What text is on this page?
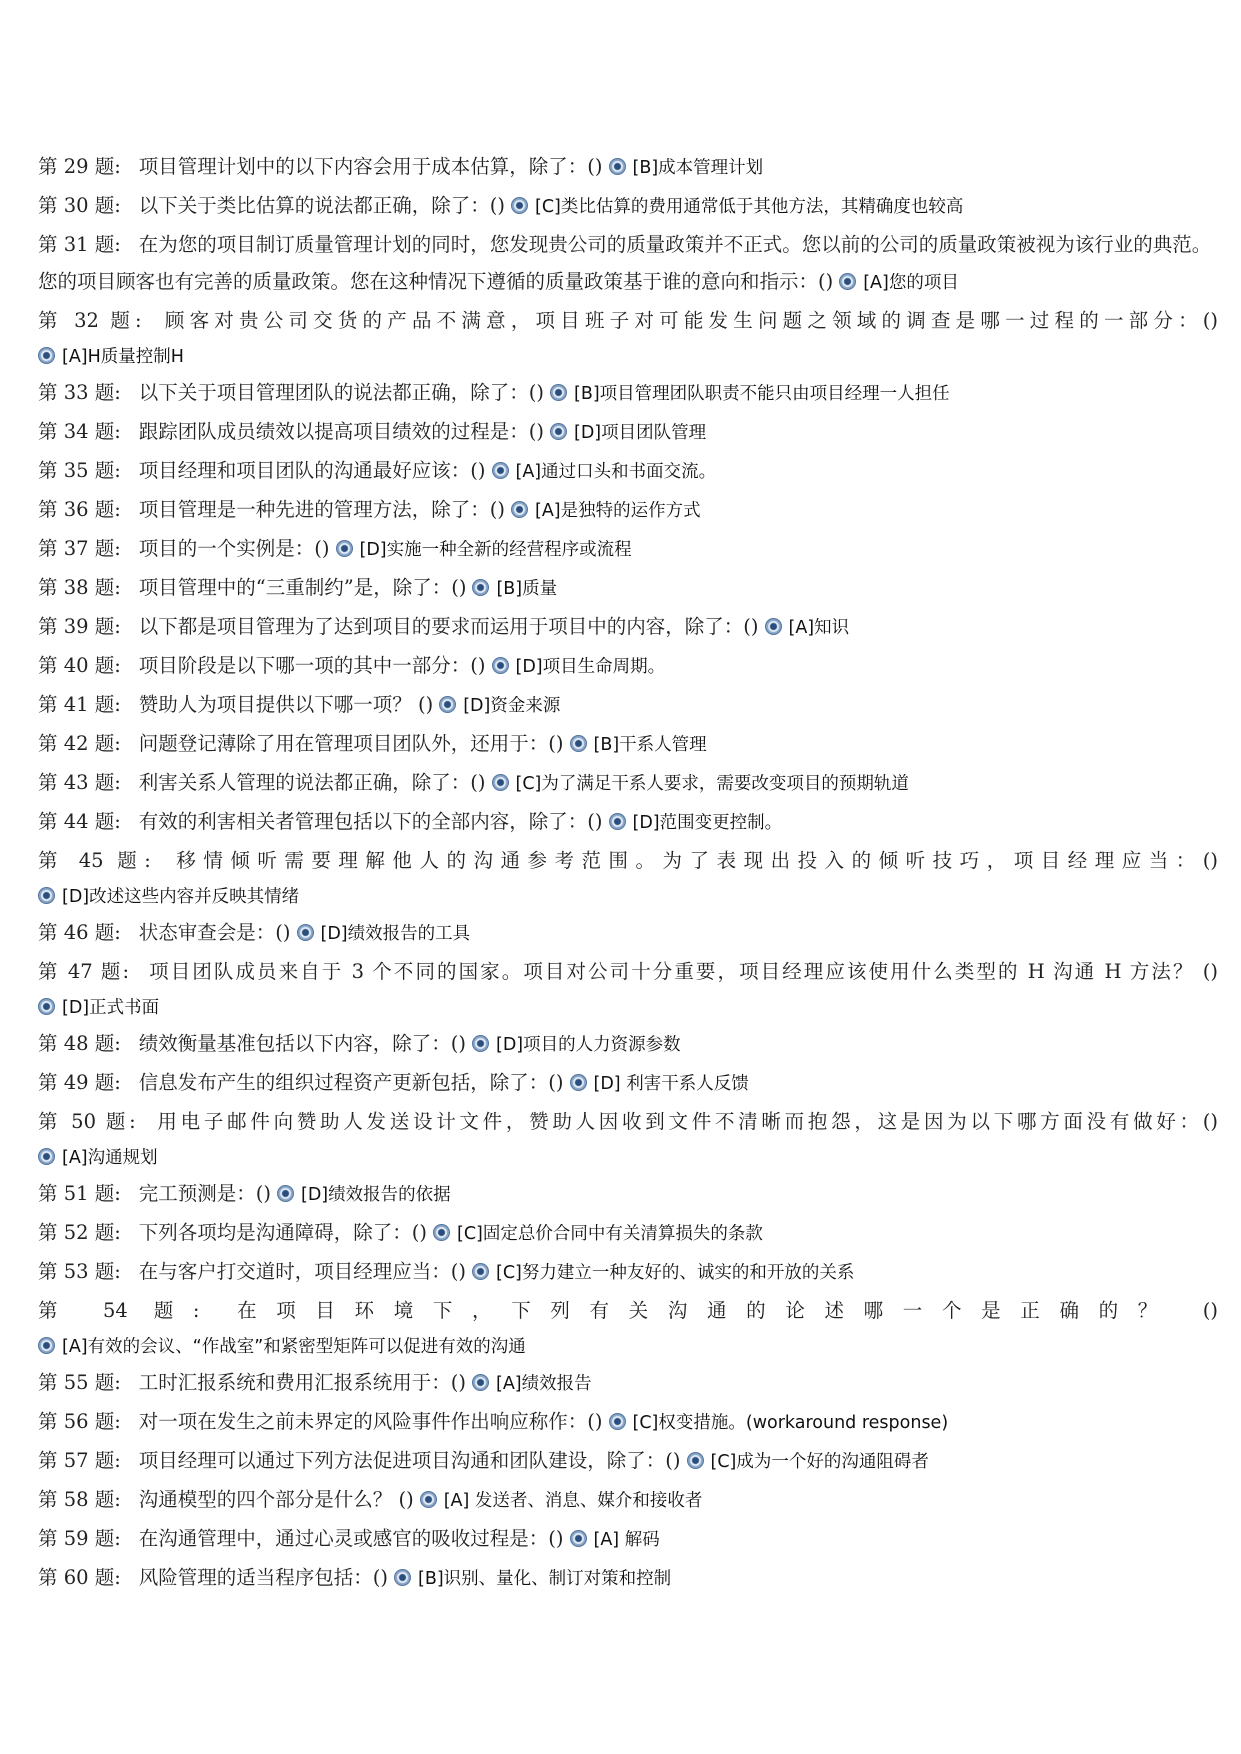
第 29 题: 项目管理计划中的以下内容会用于成本估算，除了：() [B]成本管理计划
第 30 题: 以下关于类比估算的说法都正确，除了：() [C]类比估算的费用通常低于其他方法，其精确度也较高
第 31 题: 在为您的项目制订质量管理计划的同时，您发现贵公司的质量政策并不正式。您以前的公司的质量政策被视为该行业的典范。您的项目顾客也有完善的质量政策。您在这种情况下遵循的质量政策基于谁的意向和指示：() [A]您的项目
第 32 题: 顾客对贵公司交货的产品不满意，项目班子对可能发生问题之领域的调查是哪一过程的一部分：()
[A]H质量控制H
第 33 题: 以下关于项目管理团队的说法都正确，除了：() [B]项目管理团队职责不能只由项目经理一人担任
第 34 题: 跟踪团队成员绩效以提高项目绩效的过程是：() [D]项目团队管理
第 35 题: 项目经理和项目团队的沟通最好应该：() [A]通过口头和书面交流。
第 36 题: 项目管理是一种先进的管理方法，除了：() [A]是独特的运作方式
第 37 题: 项目的一个实例是：() [D]实施一种全新的经营程序或流程
第 38 题: 项目管理中的“三重制约”是，除了：() [B]质量
第 39 题: 以下都是项目管理为了达到项目的要求而运用于项目中的内容，除了：() [A]知识
第 40 题: 项目阶段是以下哪一项的其中一部分：() [D]项目生命周期。
第 41 题: 赞助人为项目提供以下哪一项？ () [D]资金来源
第 42 题: 问题登记薄除了用在管理项目团队外，还用于：() [B]干系人管理
第 43 题: 利害关系人管理的说法都正确，除了：() [C]为了满足干系人要求，需要改变项目的预期轨道
第 44 题: 有效的利害相关者管理包括以下的全部内容，除了：() [D]范围变更控制。
第 45 题: 移情倾听需要理解他人的沟通参考范围。为了表现出投入的倾听技巧，项目经理应当：()
[D]改述这些内容并反映其情绪
第 46 题: 状态审查会是：() [D]绩效报告的工具
第 47 题: 项目团队成员来自于 3 个不同的国家。项目对公司十分重要，项目经理应该使用什么类型的 H 沟通 H 方法？ ()
[D]正式书面
第 48 题: 绩效衡量基准包括以下内容，除了：() [D]项目的人力资源参数
第 49 题: 信息发布产生的组织过程资产更新包括，除了：() [D] 利害干系人反馈
第 50 题: 用电子邮件向赞助人发送设计文件，赞助人因收到文件不清晰而抱怨，这是因为以下哪方面没有做好：()
[A]沟通规划
第 51 题: 完工预测是：() [D]绩效报告的依据
第 52 题: 下列各项均是沟通障碍，除了：() [C]固定总价合同中有关清算损失的条款
第 53 题: 在与客户打交道时，项目经理应当：() [C]努力建立一种友好的、诚实的和开放的关系
第 54 题: 在项目环境下，下列有关沟通的论述哪一个是正确的？ ()
[A]有效的会议、“作战室”和紧密型矩阵可以促进有效的沟通
第 55 题: 工时汇报系统和费用汇报系统用于：() [A]绩效报告
第 56 题: 对一项在发生之前未界定的风险事件作出响应称作：() [C]权变措施。(workaround response)
第 57 题: 项目经理可以通过下列方法促进项目沟通和团队建设，除了：() [C]成为一个好的沟通阻碍者
第 58 题: 沟通模型的四个部分是什么？ () [A] 发送者、消息、媒介和接收者
第 59 题: 在沟通管理中，通过心灵或感官的吸收过程是：() [A] 解码
第 60 题: 风险管理的适当程序包括：() [B]识别、量化、制订对策和控制
